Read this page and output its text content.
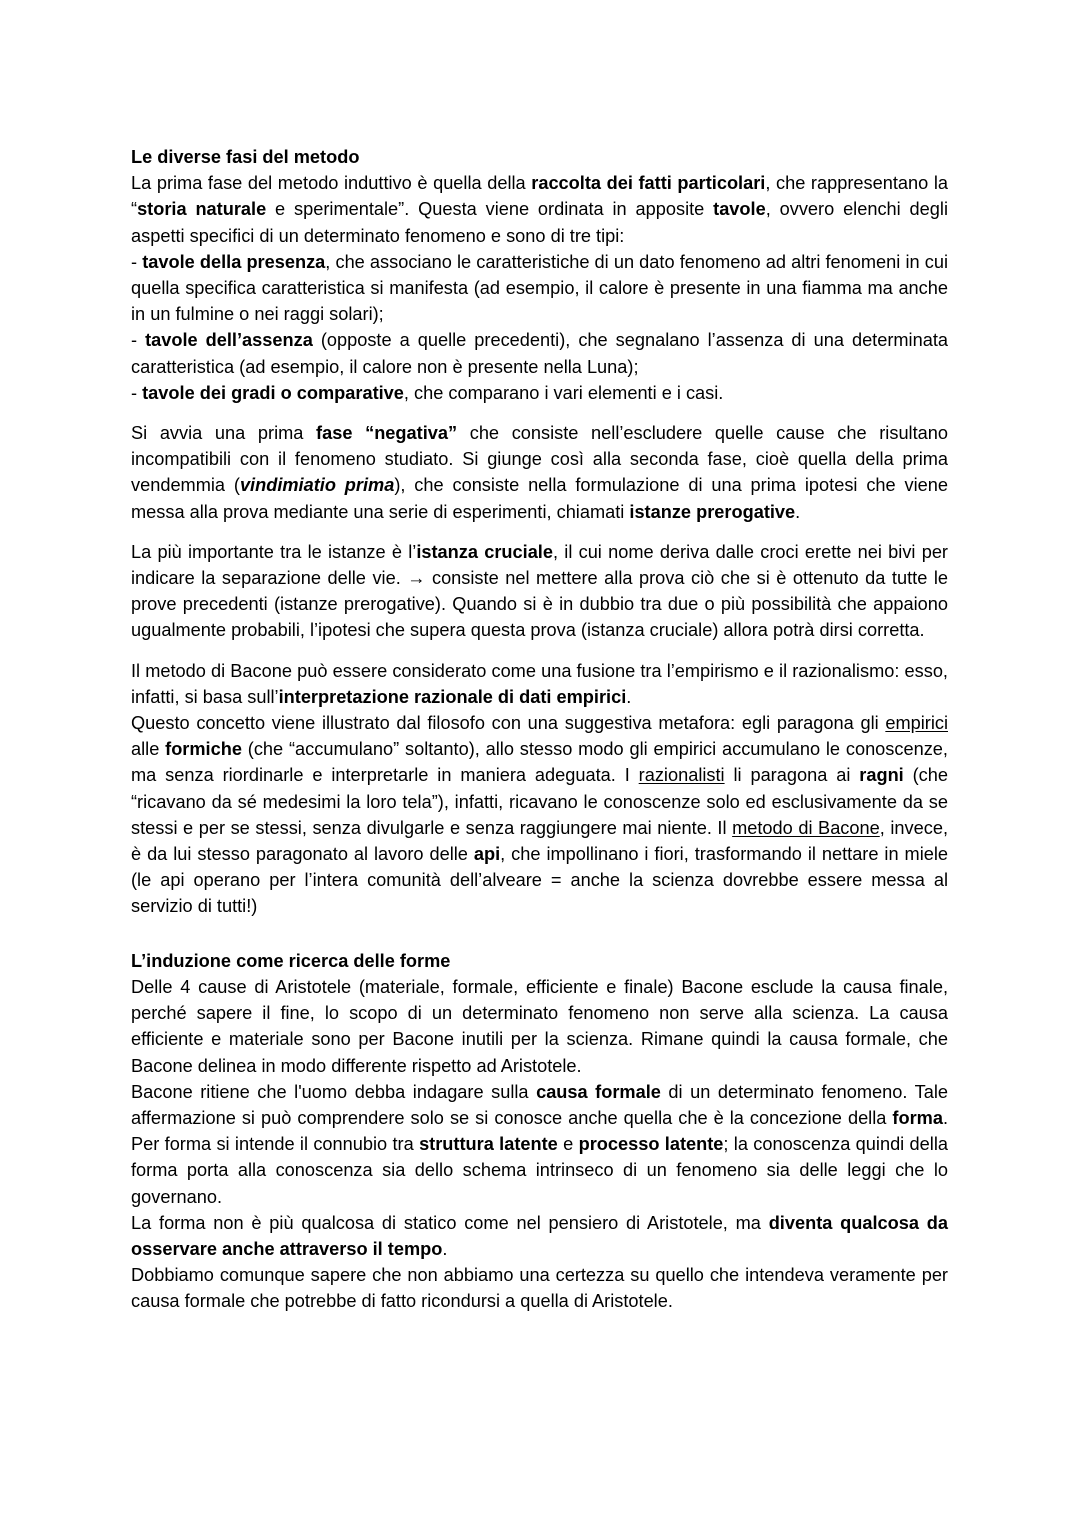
Le diverse fasi del metodo

La prima fase del metodo induttivo è quella della raccolta dei fatti particolari, che rappresentano la “storia naturale e sperimentale”. Questa viene ordinata in apposite tavole, ovvero elenchi degli aspetti specifici di un determinato fenomeno e sono di tre tipi:

- tavole della presenza, che associano le caratteristiche di un dato fenomeno ad altri fenomeni in cui quella specifica caratteristica si manifesta (ad esempio, il calore è presente in una fiamma ma anche in un fulmine o nei raggi solari);

- tavole dell’assenza (opposte a quelle precedenti), che segnalano l’assenza di una determinata caratteristica (ad esempio, il calore non è presente nella Luna);

- tavole dei gradi o comparative, che comparano i vari elementi e i casi.

Si avvia una prima fase “negativa” che consiste nell’escludere quelle cause che risultano incompatibili con il fenomeno studiato. Si giunge così alla seconda fase, cioè quella della prima vendemmia (vindimiatio prima), che consiste nella formulazione di una prima ipotesi che viene messa alla prova mediante una serie di esperimenti, chiamati istanze prerogative.

La più importante tra le istanze è l’istanza cruciale, il cui nome deriva dalle croci erette nei bivi per indicare la separazione delle vie. → consiste nel mettere alla prova ciò che si è ottenuto da tutte le prove precedenti (istanze prerogative). Quando si è in dubbio tra due o più possibilità che appaiono ugualmente probabili, l’ipotesi che supera questa prova (istanza cruciale) allora potrà dirsi corretta.

Il metodo di Bacone può essere considerato come una fusione tra l’empirismo e il razionalismo: esso, infatti, si basa sull’interpretazione razionale di dati empirici.

Questo concetto viene illustrato dal filosofo con una suggestiva metafora: egli paragona gli empirici alle formiche (che “accumulano” soltanto), allo stesso modo gli empirici accumulano le conoscenze, ma senza riordinarle e interpretarle in maniera adeguata. I razionalisti li paragona ai ragni (che “ricavano da sé medesimi la loro tela”), infatti, ricavano le conoscenze solo ed esclusivamente da se stessi e per se stessi, senza divulgarle e senza raggiungere mai niente. Il metodo di Bacone, invece, è da lui stesso paragonato al lavoro delle api, che impollinano i fiori, trasformando il nettare in miele (le api operano per l’intera comunità dell’alveare = anche la scienza dovrebbe essere messa al servizio di tutti!)

L’induzione come ricerca delle forme

Delle 4 cause di Aristotele (materiale, formale, efficiente e finale) Bacone esclude la causa finale, perché sapere il fine, lo scopo di un determinato fenomeno non serve alla scienza. La causa efficiente e materiale sono per Bacone inutili per la scienza. Rimane quindi la causa formale, che Bacone delinea in modo differente rispetto ad Aristotele.

Bacone ritiene che l'uomo debba indagare sulla causa formale di un determinato fenomeno. Tale affermazione si può comprendere solo se si conosce anche quella che è la concezione della forma. Per forma si intende il connubio tra struttura latente e processo latente; la conoscenza quindi della forma porta alla conoscenza sia dello schema intrinseco di un fenomeno sia delle leggi che lo governano.

La forma non è più qualcosa di statico come nel pensiero di Aristotele, ma diventa qualcosa da osservare anche attraverso il tempo.

Dobbiamo comunque sapere che non abbiamo una certezza su quello che intendeva veramente per causa formale che potrebbe di fatto ricondursi a quella di Aristotele.
